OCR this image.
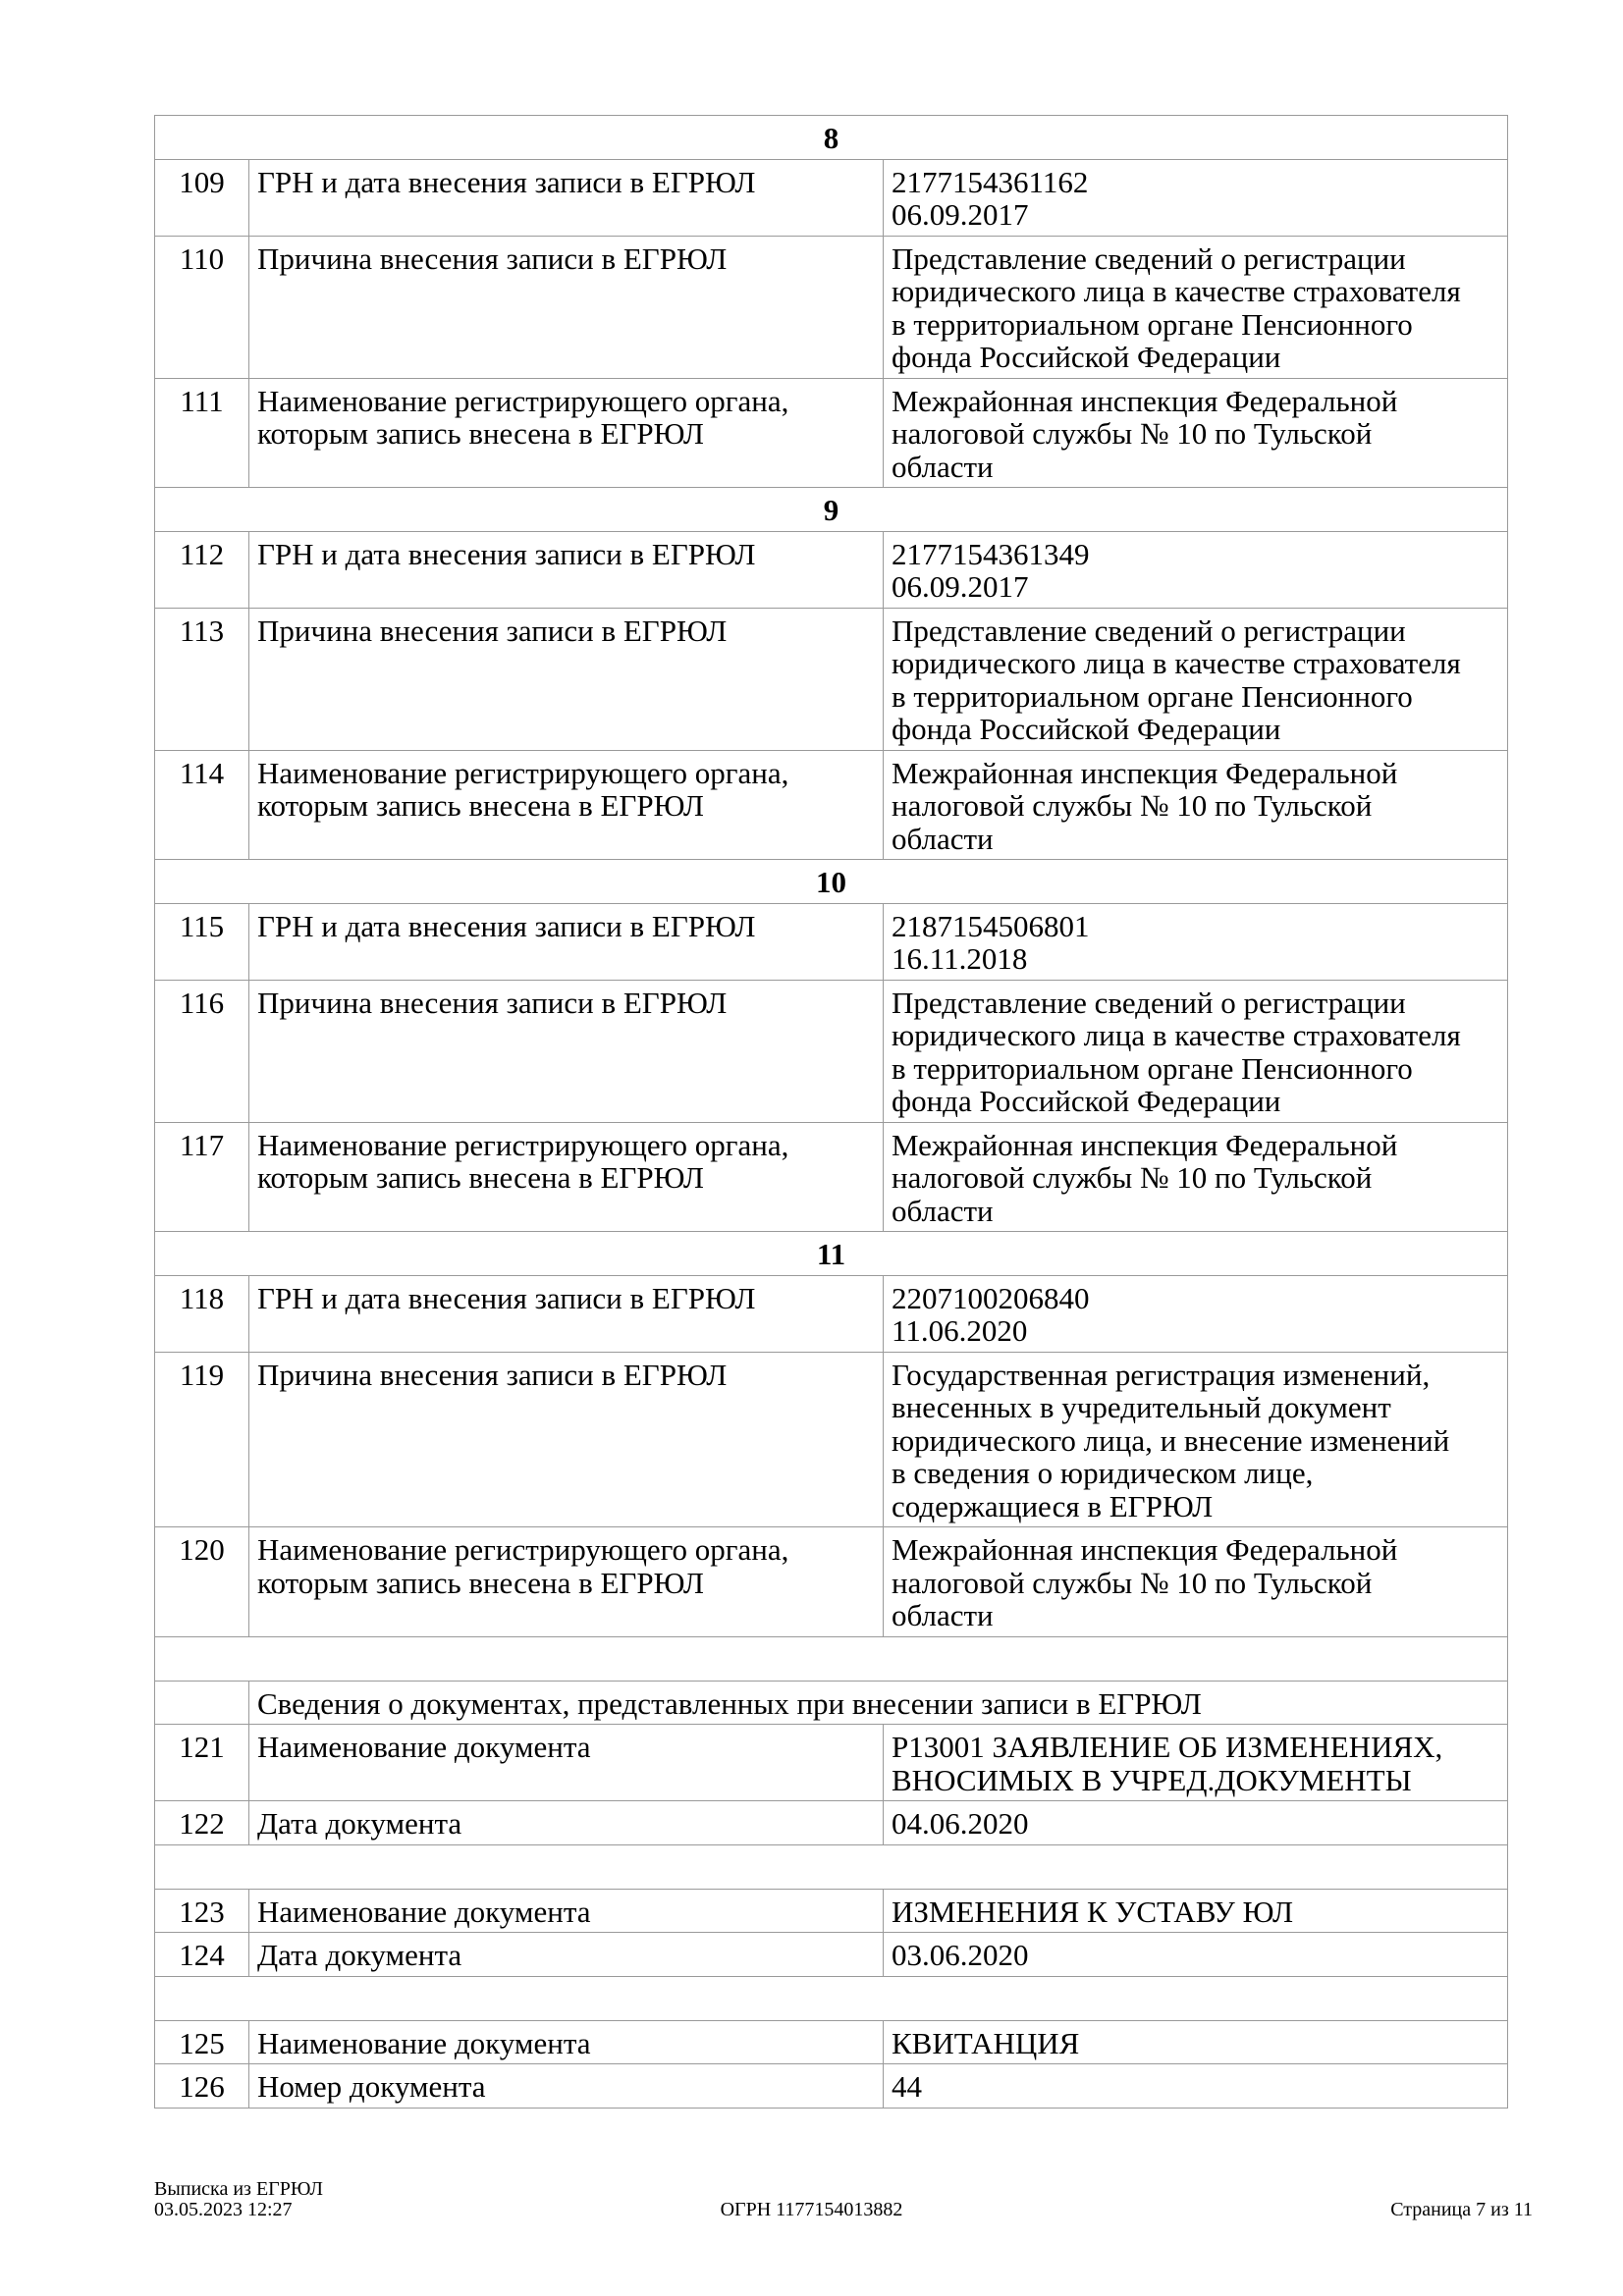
8		
109	ГРН и дата внесения записи в ЕГРЮЛ	2177154361162
06.09.2017

110	Причина внесения записи в ЕГРЮЛ	Представление сведений о регистрации
юридического лица в качестве страхователя
в территориальном органе Пенсионного
фонда Российской Федерации

111	Наименование регистрирующего органа,
которым запись внесена в ЕГРЮЛ	Межрайонная инспекция Федеральной
налоговой службы № 10 по Тульской
области

9		
112	ГРН и дата внесения записи в ЕГРЮЛ	2177154361349
06.09.2017

113	Причина внесения записи в ЕГРЮЛ	Представление сведений о регистрации
юридического лица в качестве страхователя
в территориальном органе Пенсионного
фонда Российской Федерации

114	Наименование регистрирующего органа,
которым запись внесена в ЕГРЮЛ	Межрайонная инспекция Федеральной
налоговой службы № 10 по Тульской
области

10		
115	ГРН и дата внесения записи в ЕГРЮЛ	2187154506801
16.11.2018

116	Причина внесения записи в ЕГРЮЛ	Представление сведений о регистрации
юридического лица в качестве страхователя
в территориальном органе Пенсионного
фонда Российской Федерации

117	Наименование регистрирующего органа,
которым запись внесена в ЕГРЮЛ	Межрайонная инспекция Федеральной
налоговой службы № 10 по Тульской
области

11		
118	ГРН и дата внесения записи в ЕГРЮЛ	2207100206840
11.06.2020

119	Причина внесения записи в ЕГРЮЛ	Государственная регистрация изменений,
внесенных в учредительный документ
юридического лица, и внесение изменений
в сведения о юридическом лице,
содержащиеся в ЕГРЮЛ

120	Наименование регистрирующего органа,
которым запись внесена в ЕГРЮЛ	Межрайонная инспекция Федеральной
налоговой службы № 10 по Тульской
области

	Сведения о документах, представленных при внесении записи в ЕГРЮЛ	
121	Наименование документа	Р13001 ЗАЯВЛЕНИЕ ОБ ИЗМЕНЕНИЯХ,
ВНОСИМЫХ В УЧРЕД.ДОКУМЕНТЫ

122	Дата документа	04.06.2020

123	Наименование документа	ИЗМЕНЕНИЯ К УСТАВУ ЮЛ

124	Дата документа	03.06.2020

125	Наименование документа	КВИТАНЦИЯ

126	Номер документа	44
Выписка из ЕГРЮЛ
03.05.2023 12:27	ОГРН 1177154013882	Страница 7 из 11
